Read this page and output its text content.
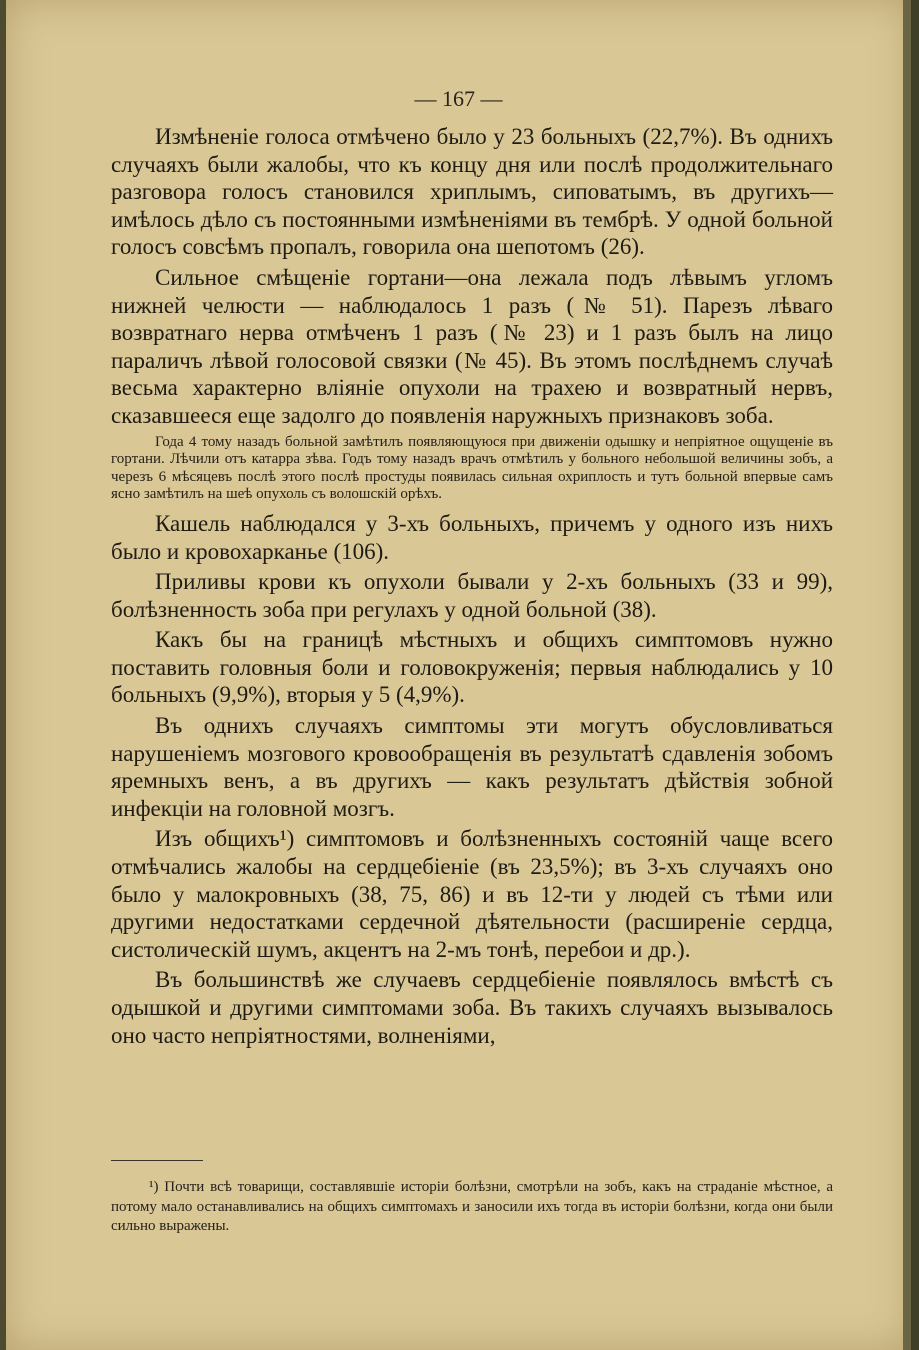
— 167 —

Измѣненіе голоса отмѣчено было у 23 больныхъ (22,7%). Въ однихъ случаяхъ были жалобы, что къ концу дня или послѣ продолжительнаго разговора голосъ становился хриплымъ, сиповатымъ, въ другихъ—имѣлось дѣло съ постоянными измѣненіями въ тембрѣ. У одной больной голосъ совсѣмъ пропалъ, говорила она шепотомъ (26).

Сильное смѣщеніе гортани—она лежала подъ лѣвымъ угломъ нижней челюсти — наблюдалось 1 разъ (№ 51). Парезъ лѣваго возвратнаго нерва отмѣченъ 1 разъ (№ 23) и 1 разъ былъ на лицо параличъ лѣвой голосовой связки (№ 45). Въ этомъ послѣднемъ случаѣ весьма характерно вліяніе опухоли на трахею и возвратный нервъ, сказавшееся еще задолго до появленія наружныхъ признаковъ зоба.

Года 4 тому назадъ больной замѣтилъ появляющуюся при движеніи одышку и непріятное ощущеніе въ гортани. Лѣчили отъ катарра зѣва. Годъ тому назадъ врачъ отмѣтилъ у больного небольшой величины зобъ, а черезъ 6 мѣсяцевъ послѣ этого послѣ простуды появилась сильная охриплость и тутъ больной впервые самъ ясно замѣтилъ на шеѣ опухоль съ волошскій орѣхъ.

Кашель наблюдался у 3-хъ больныхъ, причемъ у одного изъ нихъ было и кровохарканье (106).

Приливы крови къ опухоли бывали у 2-хъ больныхъ (33 и 99), болѣзненность зоба при регулахъ у одной больной (38).

Какъ бы на границѣ мѣстныхъ и общихъ симптомовъ нужно поставить головныя боли и головокруженія; первыя наблюдались у 10 больныхъ (9,9%), вторыя у 5 (4,9%).

Въ однихъ случаяхъ симптомы эти могутъ обусловливаться нарушеніемъ мозгового кровообращенія въ результатѣ сдавленія зобомъ яремныхъ венъ, а въ другихъ — какъ результатъ дѣйствія зобной инфекціи на головной мозгъ.

Изъ общихъ¹) симптомовъ и болѣзненныхъ состояній чаще всего отмѣчались жалобы на сердцебіеніе (въ 23,5%); въ 3-хъ случаяхъ оно было у малокровныхъ (38, 75, 86) и въ 12-ти у людей съ тѣми или другими недостатками сердечной дѣятельности (расширеніе сердца, систолическій шумъ, акцентъ на 2-мъ тонѣ, перебои и др.).

Въ большинствѣ же случаевъ сердцебіеніе появлялось вмѣстѣ съ одышкой и другими симптомами зоба. Въ такихъ случаяхъ вызывалось оно часто непріятностями, волненіями,

¹) Почти всѣ товарищи, составлявшіе исторіи болѣзни, смотрѣли на зобъ, какъ на страданіе мѣстное, а потому мало останавливались на общихъ симптомахъ и заносили ихъ тогда въ исторіи болѣзни, когда они были сильно выражены.
